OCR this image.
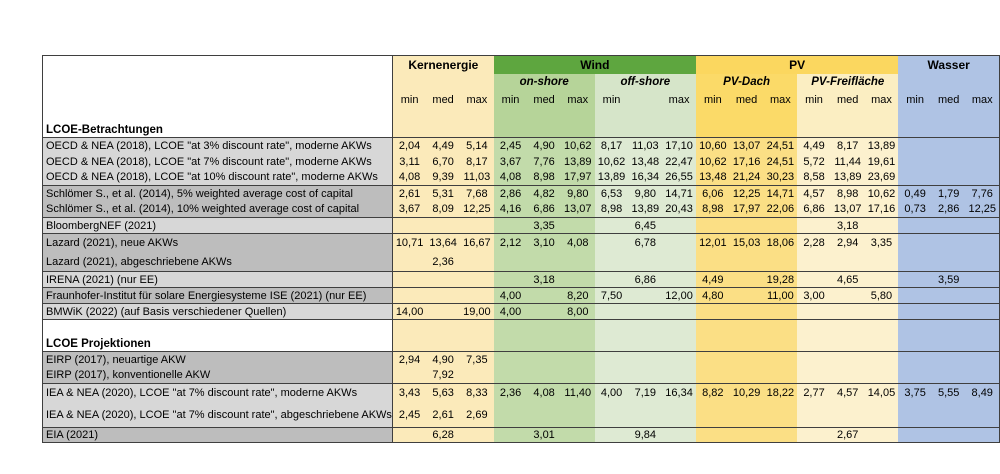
	Kernenergie			Wind						PV						Wasser		
				on-shore			off-shore			PV-Dach			PV-Freifläche					
	min	med	max	min	med	max	min		max	min	med	max	min	med	max	min	med	max
LCOE-Betrachtungen																		
OECD & NEA (2018), LCOE "at 3% discount rate", moderne AKWs	2,04	4,49	5,14	2,45	4,90	10,62	8,17	11,03	17,10	10,60	13,07	24,51	4,49	8,17	13,89			
OECD & NEA (2018), LCOE "at 7% discount rate", moderne AKWs	3,11	6,70	8,17	3,67	7,76	13,89	10,62	13,48	22,47	10,62	17,16	24,51	5,72	11,44	19,61			
OECD & NEA (2018), LCOE "at 10% discount rate", moderne AKWs	4,08	9,39	11,03	4,08	8,98	17,97	13,89	16,34	26,55	13,48	21,24	30,23	8,58	13,89	23,69			
Schlömer S., et al. (2014), 5% weighted average cost of capital	2,61	5,31	7,68	2,86	4,82	9,80	6,53	9,80	14,71	6,06	12,25	14,71	4,57	8,98	10,62	0,49	1,79	7,76
Schlömer S., et al. (2014), 10% weighted average cost of capital	3,67	8,09	12,25	4,16	6,86	13,07	8,98	13,89	20,43	8,98	17,97	22,06	6,86	13,07	17,16	0,73	2,86	12,25
BloombergNEF (2021)					3,35			6,45						3,18				
Lazard (2021), neue AKWs	10,71	13,64	16,67	2,12	3,10	4,08		6,78		12,01	15,03	18,06	2,28	2,94	3,35			
Lazard (2021), abgeschriebene AKWs		2,36																
IRENA (2021) (nur EE)					3,18			6,86		4,49		19,28		4,65			3,59	
Fraunhofer-Institut für solare Energiesysteme ISE (2021) (nur EE)				4,00		8,20	7,50		12,00	4,80		11,00	3,00		5,80			
BMWiK (2022) (auf Basis verschiedener Quellen)	14,00		19,00	4,00		8,00												

LCOE Projektionen																		
EIRP (2017), neuartige AKW	2,94	4,90	7,35															
EIRP (2017), konventionelle AKW		7,92																
IEA & NEA (2020), LCOE "at 7% discount rate", moderne AKWs	3,43	5,63	8,33	2,36	4,08	11,40	4,00	7,19	16,34	8,82	10,29	18,22	2,77	4,57	14,05	3,75	5,55	8,49
IEA & NEA (2020), LCOE "at 7% discount rate", abgeschriebene AKWs	2,45	2,61	2,69															
EIA (2021)		6,28			3,01			9,84						2,67				
